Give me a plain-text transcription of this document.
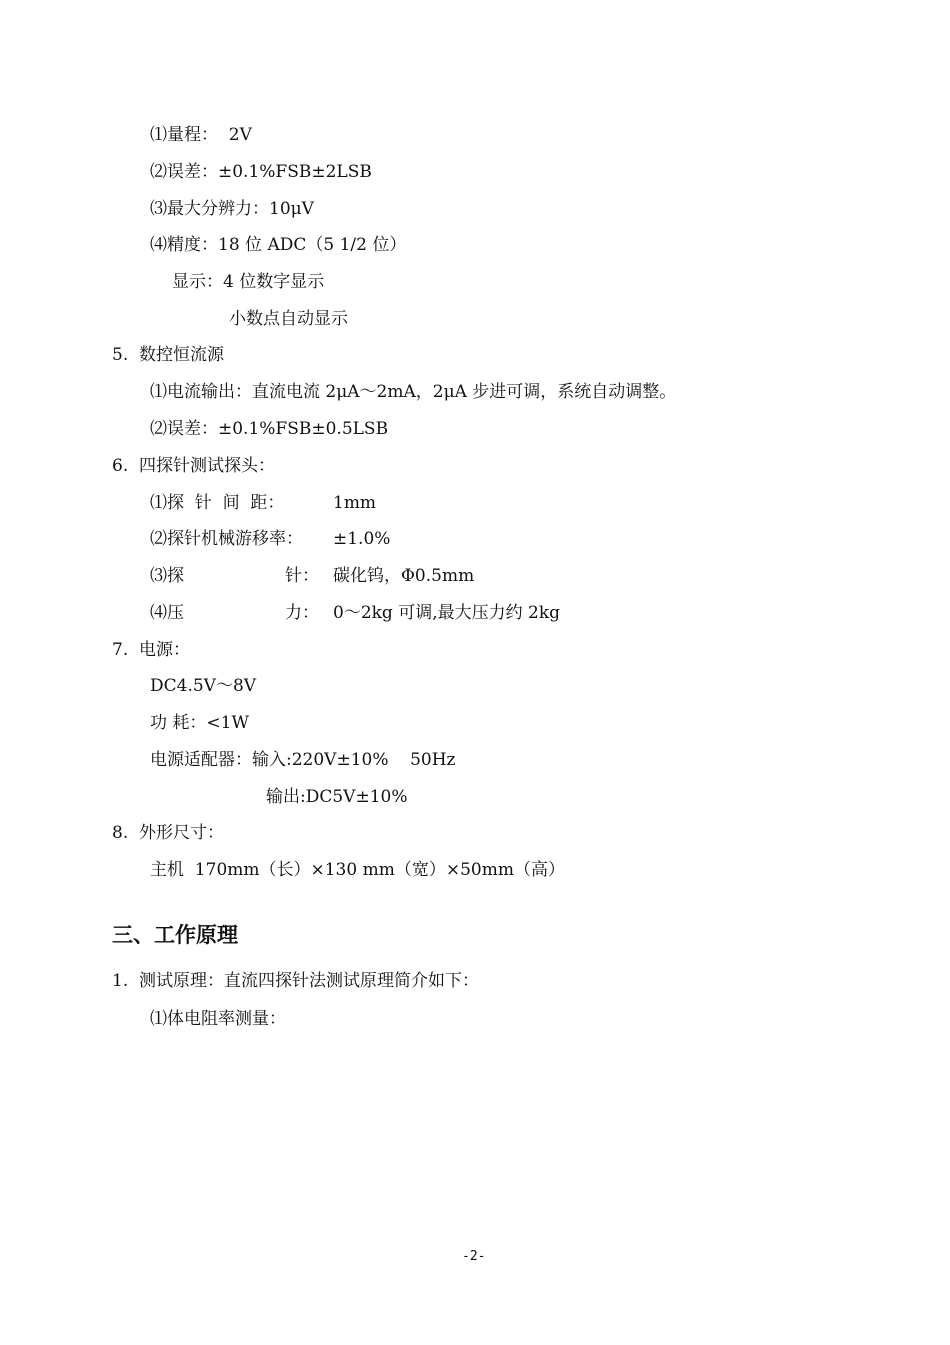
⑴量程：  2V
⑵误差：±0.1%FSB±2LSB
⑶最大分辨力：10μV
⑷精度：18 位 ADC（5 1/2 位）
显示：4 位数字显示
小数点自动显示
5.  数控恒流源
⑴电流输出：直流电流 2μA～2mA，2μA 步进可调，系统自动调整。
⑵误差：±0.1%FSB±0.5LSB
6.  四探针测试探头：
⑴探  针  间  距：	1mm
⑵探针机械游移率： ±1.0%
⑶探	针： 碳化钨，Φ0.5mm
⑷压	力： 0～2kg 可调,最大压力约 2kg
7.  电源：
DC4.5V～8V
功 耗：<1W
电源适配器：输入:220V±10%    50Hz
输出:DC5V±10%
8.  外形尺寸：
主机  170mm（长）×130 mm（宽）×50mm（高）
三、工作原理
1.  测试原理：直流四探针法测试原理简介如下：
⑴体电阻率测量：
-2-
